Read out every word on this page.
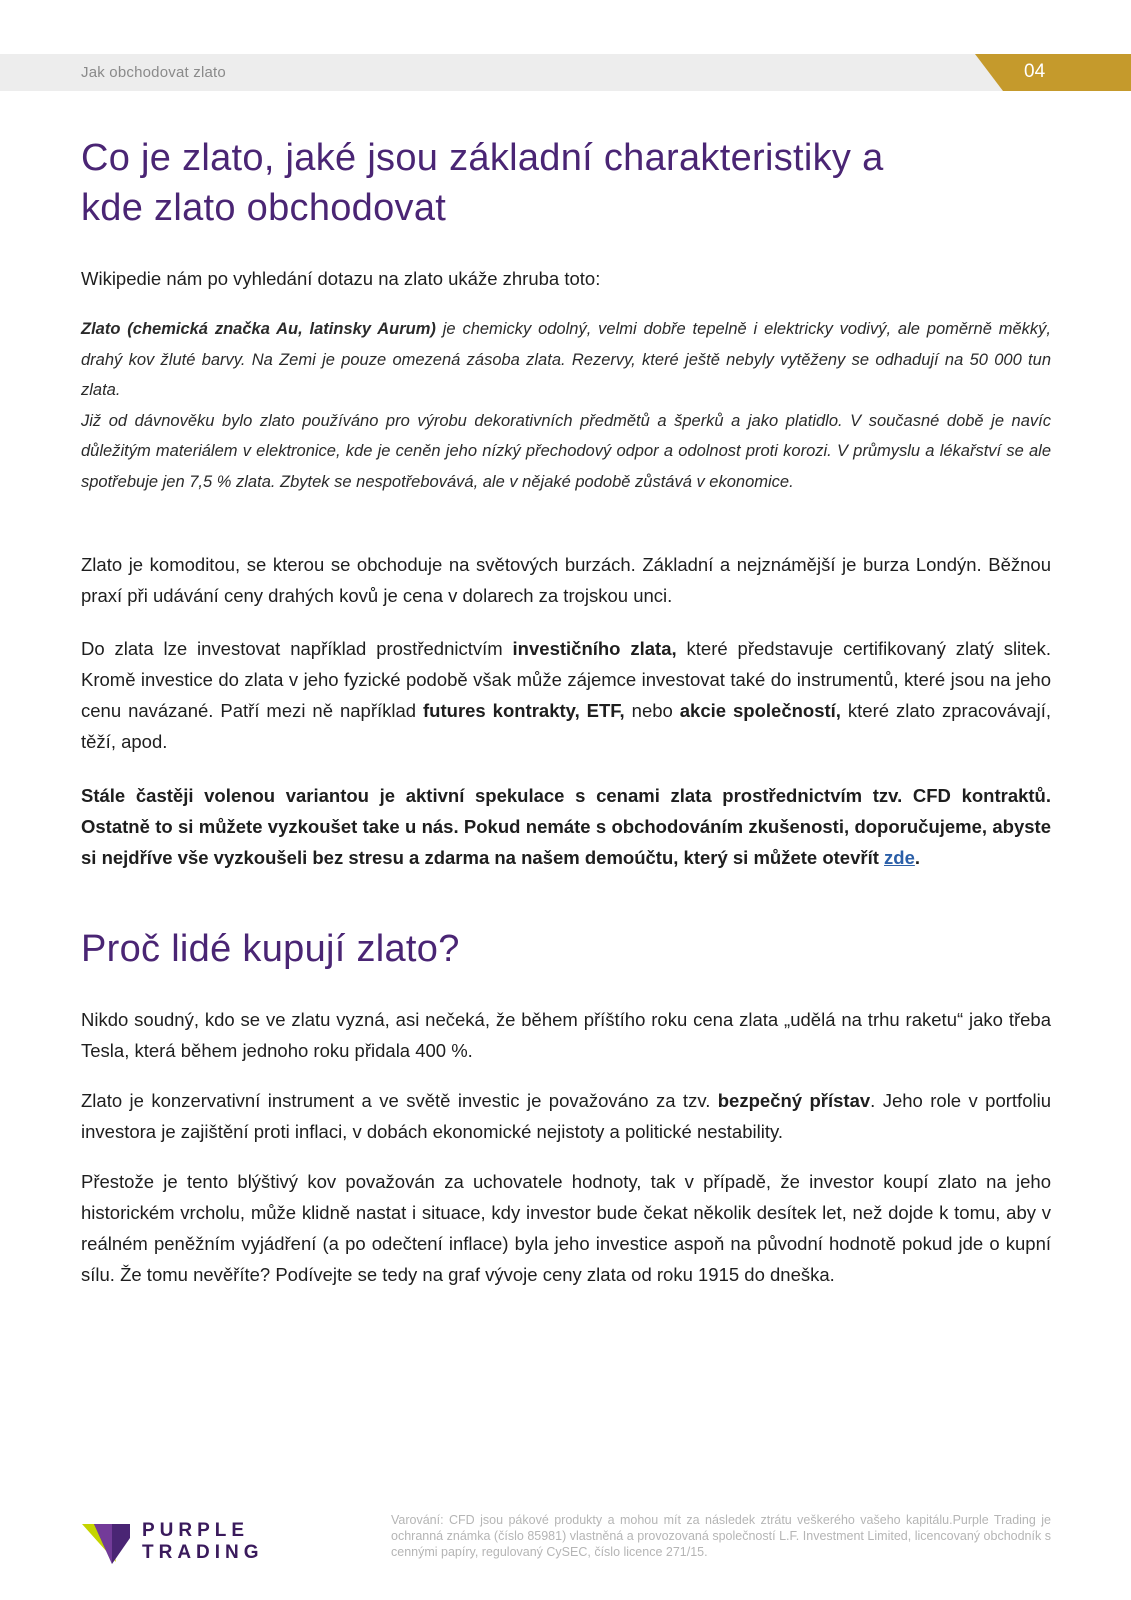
Jak obchodovat zlato	04
Co je zlato, jaké jsou základní charakteristiky a
kde zlato obchodovat
Wikipedie nám po vyhledání dotazu na zlato ukáže zhruba toto:
Zlato (chemická značka Au, latinsky Aurum) je chemicky odolný, velmi dobře tepelně i elektricky vodivý, ale poměrně měkký, drahý kov žluté barvy. Na Zemi je pouze omezená zásoba zlata. Rezervy, které ještě nebyly vytěženy se odhadují na 50 000 tun zlata.
Již od dávnověku bylo zlato používáno pro výrobu dekorativních předmětů a šperků a jako platidlo. V současné době je navíc důležitým materiálem v elektronice, kde je ceněn jeho nízký přechodový odpor a odolnost proti korozi. V průmyslu a lékařství se ale spotřebuje jen 7,5 % zlata. Zbytek se nespotřebovává, ale v nějaké podobě zůstává v ekonomice.
Zlato je komoditou, se kterou se obchoduje na světových burzách. Základní a nejznámější je burza Londýn. Běžnou praxí při udávání ceny drahých kovů je cena v dolarech za trojskou unci.
Do zlata lze investovat například prostřednictvím investičního zlata, které představuje certifikovaný zlatý slitek. Kromě investice do zlata v jeho fyzické podobě však může zájemce investovat také do instrumentů, které jsou na jeho cenu navázané. Patří mezi ně například futures kontrakty, ETF, nebo akcie společností, které zlato zpracovávají, těží, apod.
Stále častěji volenou variantou je aktivní spekulace s cenami zlata prostřednictvím tzv. CFD kontraktů. Ostatně to si můžete vyzkoušet take u nás. Pokud nemáte s obchodováním zkušenosti, doporučujeme, abyste si nejdříve vše vyzkoušeli bez stresu a zdarma na našem demoúčtu, který si můžete otevřít zde.
Proč lidé kupují zlato?
Nikdo soudný, kdo se ve zlatu vyzná, asi nečeká, že během příštího roku cena zlata „udělá na trhu raketu“ jako třeba Tesla, která během jednoho roku přidala 400 %.
Zlato je konzervativní instrument a ve světě investic je považováno za tzv. bezpečný přístav. Jeho role v portfoliu investora je zajištění proti inflaci, v dobách ekonomické nejistoty a politické nestability.
Přestože je tento blýštivý kov považován za uchovatele hodnoty, tak v případě, že investor koupí zlato na jeho historickém vrcholu, může klidně nastat i situace, kdy investor bude čekat několik desítek let, než dojde k tomu, aby v reálném peněžním vyjádření (a po odečtení inflace) byla jeho investice aspoň na původní hodnotě pokud jde o kupní sílu. Že tomu nevěříte? Podívejte se tedy na graf vývoje ceny zlata od roku 1915 do dneška.
PURPLE
TRADING
Varování: CFD jsou pákové produkty a mohou mít za následek ztrátu veškerého vašeho kapitálu.Purple Trading je ochranná známka (číslo 85981) vlastněná a provozovaná společností L.F. Investment Limited, licencovaný obchodník s cennými papíry, regulovaný CySEC, číslo licence 271/15.
